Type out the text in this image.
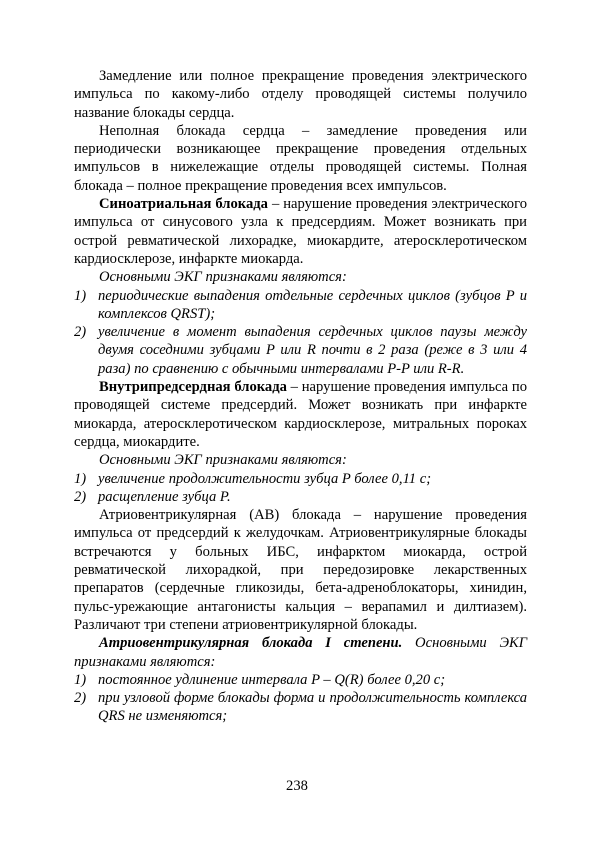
Замедление или полное прекращение проведения электрического импульса по какому-либо отделу проводящей системы получило название блокады сердца.

Неполная блокада сердца – замедление проведения или периодически возникающее прекращение проведения отдельных импульсов в нижележащие отделы проводящей системы. Полная блокада – полное прекращение проведения всех импульсов.

Синоатриальная блокада – нарушение проведения электрического импульса от синусового узла к предсердиям. Может возникать при острой ревматической лихорадке, миокардите, атеросклеротическом кардиосклерозе, инфаркте миокарда.

Основными ЭКГ признаками являются:

1) периодические выпадения отдельные сердечных циклов (зубцов P и комплексов QRST);

2) увеличение в момент выпадения сердечных циклов паузы между двумя соседними зубцами P или R почти в 2 раза (реже в 3 или 4 раза) по сравнению с обычными интервалами P-P или R-R.

Внутрипредсердная блокада – нарушение проведения импульса по проводящей системе предсердий. Может возникать при инфаркте миокарда, атеросклеротическом кардиосклерозе, митральных пороках сердца, миокардите.

Основными ЭКГ признаками являются:

1) увеличение продолжительности зубца P более 0,11 с;

2) расщепление зубца P.

Атриовентрикулярная (АВ) блокада – нарушение проведения импульса от предсердий к желудочкам. Атриовентрикулярные блокады встречаются у больных ИБС, инфарктом миокарда, острой ревматической лихорадкой, при передозировке лекарственных препаратов (сердечные гликозиды, бета-адреноблокаторы, хинидин, пульс-урежающие антагонисты кальция – верапамил и дилтиазем). Различают три степени атриовентрикулярной блокады.

Атриовентрикулярная блокада I степени. Основными ЭКГ признаками являются:

1) постоянное удлинение интервала P – Q(R) более 0,20 с;

2) при узловой форме блокады форма и продолжительность комплекса QRS не изменяются;

238
